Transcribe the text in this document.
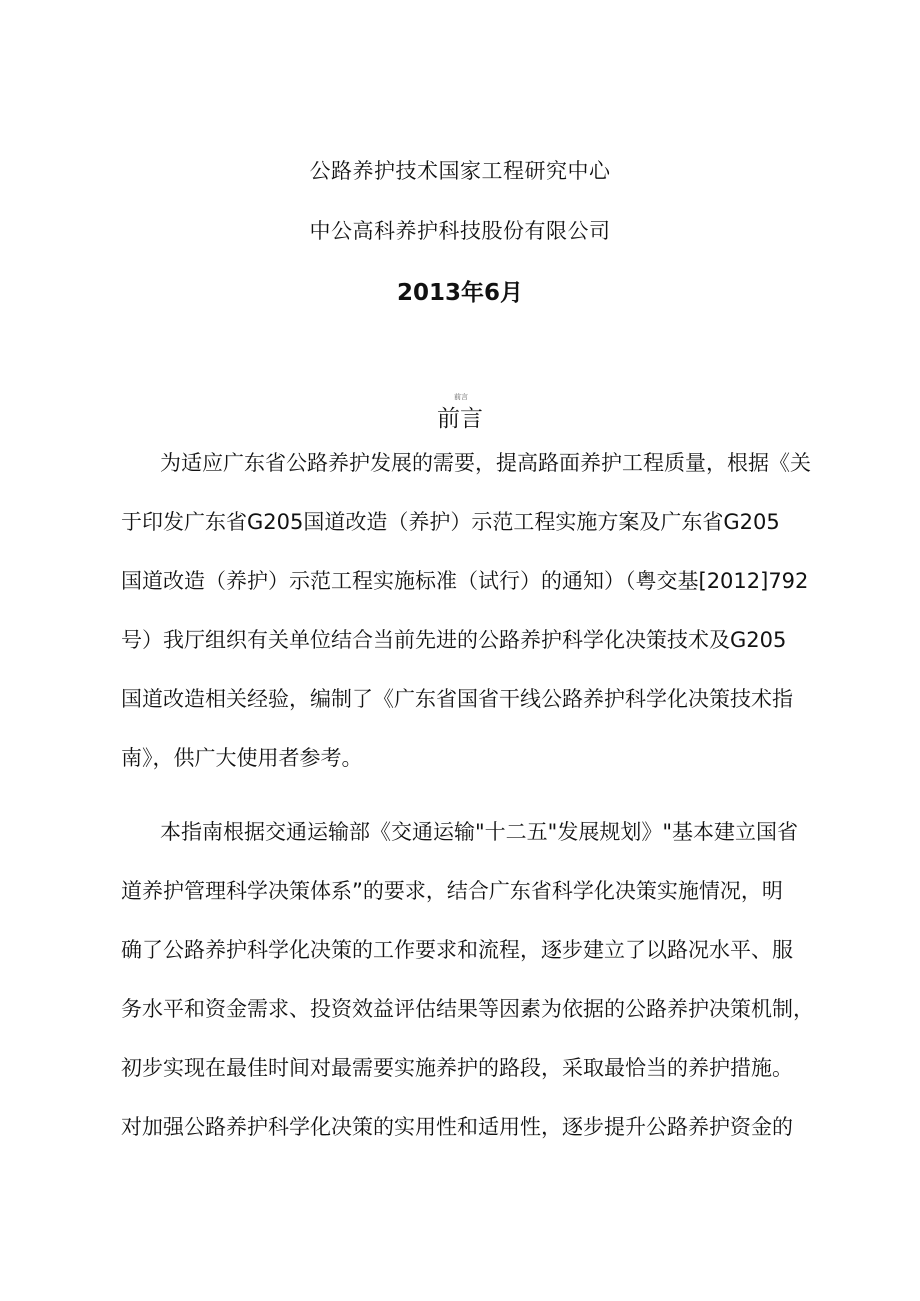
公路养护技术国家工程研究中心
中公高科养护科技股份有限公司
2013年6月
前言
前言
为适应广东省公路养护发展的需要，提高路面养护工程质量，根据《关
于印发广东省G205国道改造（养护）示范工程实施方案及广东省G205
国道改造（养护）示范工程实施标准（试行）的通知）（粤交基[2012]792
号）我厅组织有关单位结合当前先进的公路养护科学化决策技术及G205
国道改造相关经验，编制了《广东省国省干线公路养护科学化决策技术指
南》，供广大使用者参考。
本指南根据交通运输部《交通运输"十二五"发展规划》"基本建立国省
道养护管理科学决策体系”的要求，结合广东省科学化决策实施情况，明
确了公路养护科学化决策的工作要求和流程，逐步建立了以路况水平、服
务水平和资金需求、投资效益评估结果等因素为依据的公路养护决策机制，
初步实现在最佳时间对最需要实施养护的路段，采取最恰当的养护措施。
对加强公路养护科学化决策的实用性和适用性，逐步提升公路养护资金的
